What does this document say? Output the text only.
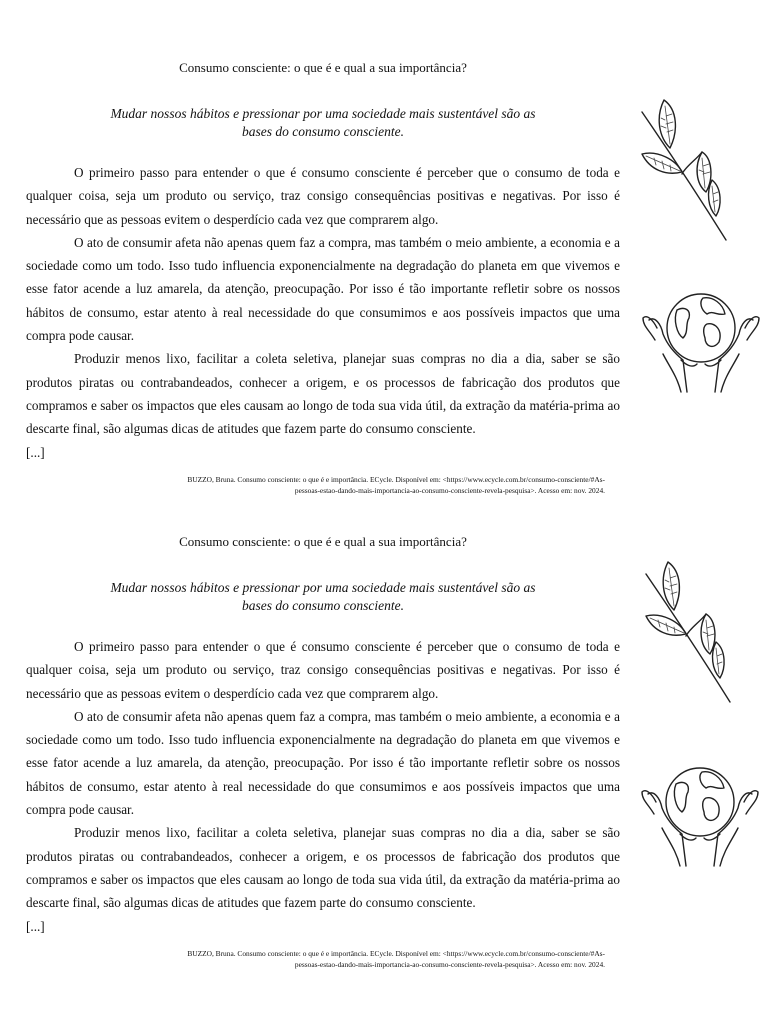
Consumo consciente: o que é e qual a sua importância?
Mudar nossos hábitos e pressionar por uma sociedade mais sustentável são as
bases do consumo consciente.

O primeiro passo para entender o que é consumo consciente é perceber que o consumo de toda e qualquer coisa, seja um produto ou serviço, traz consigo consequências positivas e negativas. Por isso é necessário que as pessoas evitem o desperdício cada vez que comprarem algo.

O ato de consumir afeta não apenas quem faz a compra, mas também o meio ambiente, a economia e a sociedade como um todo. Isso tudo influencia exponencialmente na degradação do planeta em que vivemos e esse fator acende a luz amarela, da atenção, preocupação. Por isso é tão importante refletir sobre os nossos hábitos de consumo, estar atento à real necessidade do que consumimos e aos possíveis impactos que uma compra pode causar.

Produzir menos lixo, facilitar a coleta seletiva, planejar suas compras no dia a dia, saber se são produtos piratas ou contrabandeados, conhecer a origem, e os processos de fabricação dos produtos que compramos e saber os impactos que eles causam ao longo de toda sua vida útil, da extração da matéria-prima ao descarte final, são algumas dicas de atitudes que fazem parte do consumo consciente.

[...]

BUZZO, Bruna. Consumo consciente: o que é e importância. ECycle. Disponível em: <https://www.ecycle.com.br/consumo-consciente/#As-
pessoas-estao-dando-mais-importancia-ao-consumo-consciente-revela-pesquisa>. Acesso em: nov. 2024.
Consumo consciente: o que é e qual a sua importância?
Mudar nossos hábitos e pressionar por uma sociedade mais sustentável são as
bases do consumo consciente.

O primeiro passo para entender o que é consumo consciente é perceber que o consumo de toda e qualquer coisa, seja um produto ou serviço, traz consigo consequências positivas e negativas. Por isso é necessário que as pessoas evitem o desperdício cada vez que comprarem algo.

O ato de consumir afeta não apenas quem faz a compra, mas também o meio ambiente, a economia e a sociedade como um todo. Isso tudo influencia exponencialmente na degradação do planeta em que vivemos e esse fator acende a luz amarela, da atenção, preocupação. Por isso é tão importante refletir sobre os nossos hábitos de consumo, estar atento à real necessidade do que consumimos e aos possíveis impactos que uma compra pode causar.

Produzir menos lixo, facilitar a coleta seletiva, planejar suas compras no dia a dia, saber se são produtos piratas ou contrabandeados, conhecer a origem, e os processos de fabricação dos produtos que compramos e saber os impactos que eles causam ao longo de toda sua vida útil, da extração da matéria-prima ao descarte final, são algumas dicas de atitudes que fazem parte do consumo consciente.

[...]

BUZZO, Bruna. Consumo consciente: o que é e importância. ECycle. Disponível em: <https://www.ecycle.com.br/consumo-consciente/#As-
pessoas-estao-dando-mais-importancia-ao-consumo-consciente-revela-pesquisa>. Acesso em: nov. 2024.
